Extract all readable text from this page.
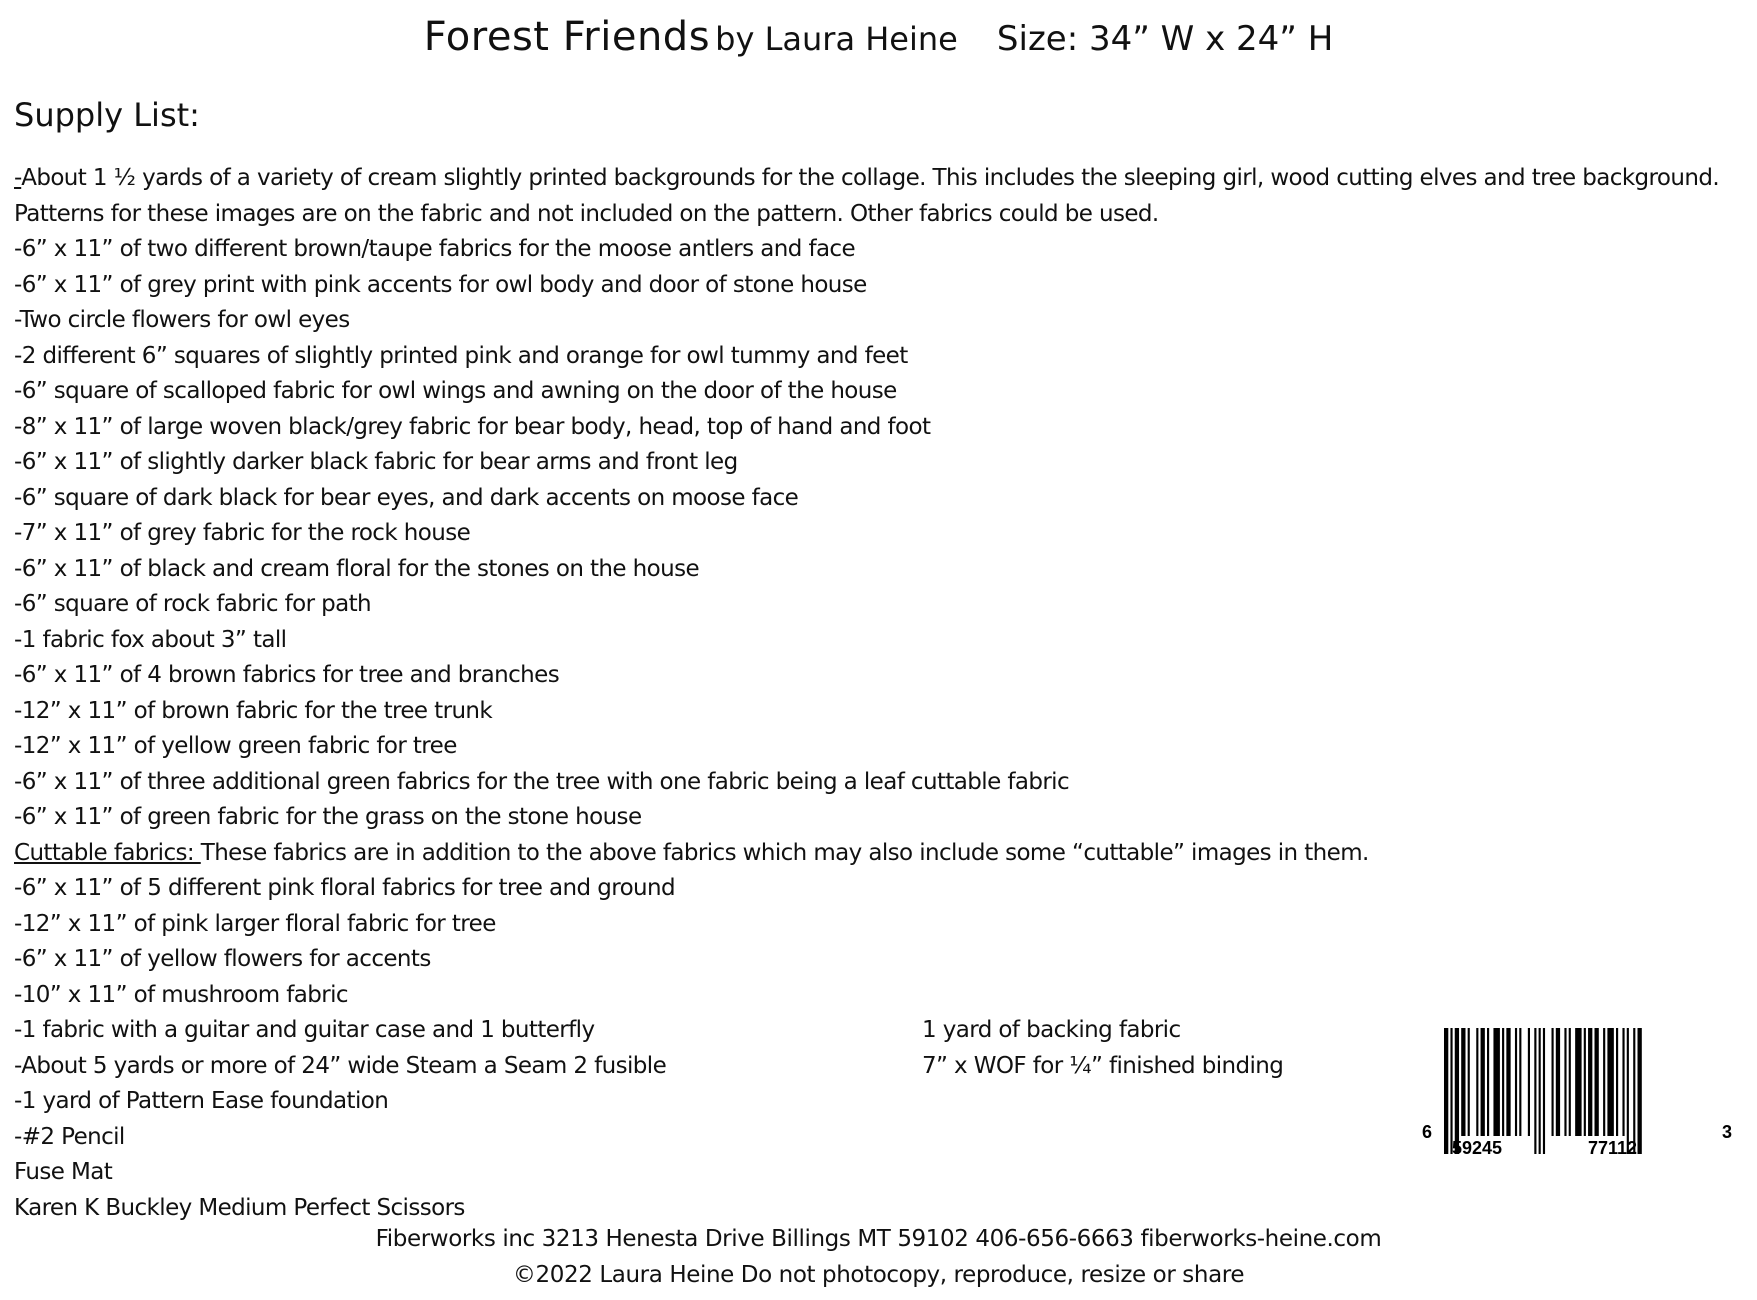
Forest Friends by Laura Heine Size: 34” W x 24” H
Supply List:
-About 1 ½ yards of a variety of cream slightly printed backgrounds for the collage. This includes the sleeping girl, wood cutting elves and tree background. Patterns for these images are on the fabric and not included on the pattern. Other fabrics could be used.
-6” x 11” of two different brown/taupe fabrics for the moose antlers and face
-6” x 11” of grey print with pink accents for owl body and door of stone house
-Two circle flowers for owl eyes
-2 different 6” squares of slightly printed pink and orange for owl tummy and feet
-6” square of scalloped fabric for owl wings and awning on the door of the house
-8” x 11” of large woven black/grey fabric for bear body, head, top of hand and foot
-6” x 11” of slightly darker black fabric for bear arms and front leg
-6” square of dark black for bear eyes, and dark accents on moose face
-7” x 11” of grey fabric for the rock house
-6” x 11” of black and cream floral for the stones on the house
-6” square of rock fabric for path
-1 fabric fox about 3” tall
-6” x 11” of 4 brown fabrics for tree and branches
-12” x 11” of brown fabric for the tree trunk
-12” x 11” of yellow green fabric for tree
-6” x 11” of three additional green fabrics for the tree with one fabric being a leaf cuttable fabric
-6” x 11” of green fabric for the grass on the stone house
Cuttable fabrics: These fabrics are in addition to the above fabrics which may also include some “cuttable” images in them.
-6” x 11” of 5 different pink floral fabrics for tree and ground
-12” x 11” of pink larger floral fabric for tree
-6” x 11” of yellow flowers for accents
-10” x 11” of mushroom fabric
-1 fabric with a guitar and guitar case and 1 butterfly
-About 5 yards or more of 24” wide Steam a Seam 2 fusible
-1 yard of Pattern Ease foundation
-#2 Pencil
Fuse Mat
Karen K Buckley Medium Perfect Scissors
1 yard of backing fabric
7” x WOF for ¼” finished binding
6
59245	77112
3
Fiberworks inc 3213 Henesta Drive Billings MT 59102 406-656-6663 fiberworks-heine.com
©2022 Laura Heine Do not photocopy, reproduce, resize or share
